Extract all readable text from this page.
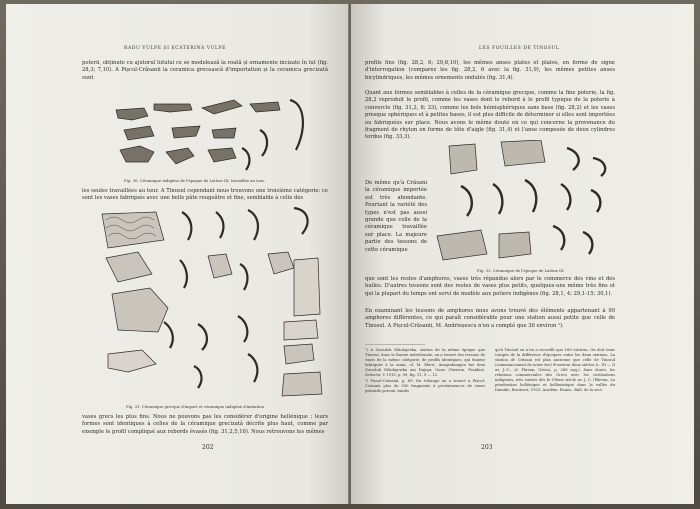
RADU VULPE ȘI ECATERINA VULPE

poterii, obținute cu ajutorul lutului ce se modelează la roată și ornamente incizate în lut (fig. 28,3; 7,10). A Pișcul-Crăsanii la ceramica grecească d'importation și la ceramica grecizată sunt

Fig. 30. Céramique indigène de l'époque de Latène III, travaillée au tour.

les seules travaillées au tour. A Tinosul cependant nous trouvons une troisième catégorie: ce sont les vases fabriqués avec une belle pâte rougeâtre et fine, semblable à celle des

Fig. 31. Céramique grecque d'import et céramique indigène d'imitation.

vases grecs les plus fins. Nous ne pouvons pas les considérer d'origine hellénique ; leurs formes sont identiques à celles de la céramique grecizată décrite plus haut, comme par exemple le profil compliqué aux rebords évasés (fig. 31,2,5,10). Nous retrouvons les mêmes

202
LES FOUILLES DE TINOSUL

profils fins (fig. 28,2, 6; 29,8,10), les mêmes anses plates et plates, en forme de signe d'interrogation (comparez les fig. 28,2, 6 avec la fig. 31,9), les mêmes petites anses bicylindriques, les mêmes ornements ondulés (fig. 31,4).

Quant aux formes semblables à celles de la céramique grecque, comme la fine poterie, la fig. 28,2 reproduit le profil, comme les vases dont le rebord à le profil typique de la poterie à couvercle (fig. 31,2, 8; 33), comme les bols hémisphériques sans base (fig. 28,2) et les vases presque sphériques et à petites bases, il est plus difficile de déterminer si elles sont importées ou fabriquées sur place. Nous avons le même doute en ce qui concerne la provenance du fragment de rhyton en forme de tête d'aigle (fig. 31,4) et l'anse composée de deux cylindres tordus (fig. 33,3).

De même qu'à Crăsani la céramique importée est très abondante. Pourtant la variété des types n'est pas aussi grande que celle de la céramique travaillée sur place. La majeure partie des tessons de cette céramique

Fig. 32. Céramique de l'époque de Latène III.

que sont les restes d'amphores, vases très répandus alors par le commerce des vins et des huiles. D'autres tessons sont des restes de vases plus petits, quelques-uns même très fins et qui la plupart du temps ont servi de modèle aux potiers indigènes (fig. 28,1, 4; 29,1-15; 30,1).

En examinant les tessons de amphores nous avons trouvé des éléments appartenant à 90 amphores différentes, ce qui paraît considérable pour une station aussi petite que celle de Tinosul. A Pișcul-Crăsanii, M. Andrieșescu n'en a compté que 30 environ ¹).

¹) A Goradok Nikolajevka, station de la même époque que Tinosul, dans la Russie méridionale, on a trouvé des tessons de vases de la même catégorie, de profils identiques, qui étaient fabriqués à la main; cf. M. Ebert, Ausgrabungen bei dem Gorodok Nikolajewka am Dnjepr, Gouv. Cherson, Praähist. Zeitschr. V 1913, p. 99, fig. 11, 9 — 12.

²) Pișcul-Crăsanii, p. 69. En échange on a trouvé à Pișcul-Crăsanii plus de 500 fragments à proéminences de vases primitifs poreux, tandis

qu'à Tinosul on n'en a recueilli que 160 environ. On doit tenir compte de la différence d'époques entre les deux stations. La station de Crăsani est plus ancienne que celle de Tinosul (commencement de notre ère) d'environ deux siècles (c. III — II av. J.-C.; cf. Pârvan, Getica, p. 286 sqq.). Sans doute, les relations commerciales des Grecs avec les civilisations indigènes, très suivies dès le VIème siècle av. J. C. (Pârvan, La pénétration hellénique et hellénistique dans la vallée du Danube, Bucarest, 1923, Académ. Roum., Bull. de la sect.

203
